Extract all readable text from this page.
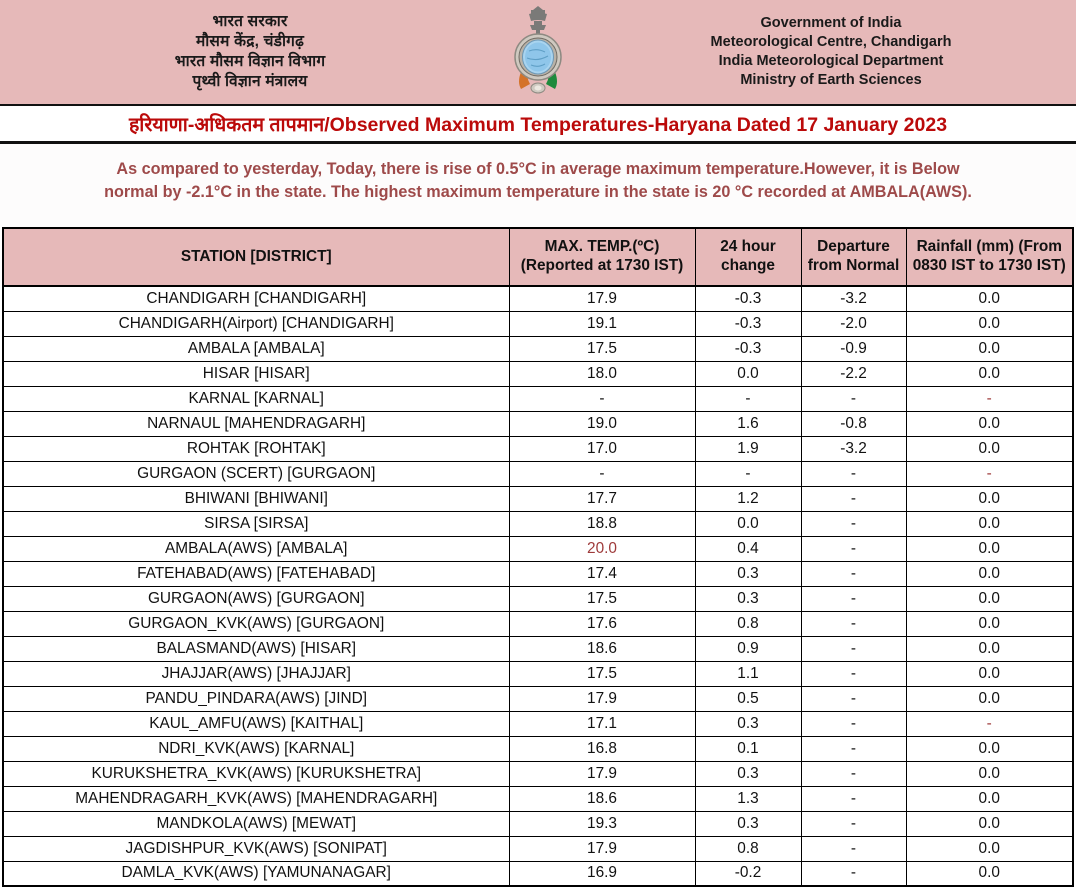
भारत सरकार
मौसम केंद्र, चंडीगढ़
भारत मौसम विज्ञान विभाग
पृथ्वी विज्ञान मंत्रालय
Government of India
Meteorological Centre, Chandigarh
India Meteorological Department
Ministry of Earth Sciences
हरियाणा-अधिकतम तापमान/Observed Maximum Temperatures-Haryana Dated 17 January 2023

As compared to yesterday, Today, there is rise of 0.5°C in average maximum temperature.However, it is Below

normal by -2.1°C in the state. The highest maximum temperature in the state is 20 °C recorded at AMBALA(AWS).

STATION [DISTRICT]	
MAX. TEMP.(ºC)
(Reported at 1730 IST)

24 hour
change

Departure
from Normal

Rainfall (mm) (From
0830 IST to 1730 IST)

CHANDIGARH [CHANDIGARH]	17.9	-0.3	-3.2	0.0
CHANDIGARH(Airport) [CHANDIGARH]	19.1	-0.3	-2.0	0.0
AMBALA [AMBALA]	17.5	-0.3	-0.9	0.0
HISAR [HISAR]	18.0	0.0	-2.2	0.0
KARNAL [KARNAL]	-	-	-	-
NARNAUL [MAHENDRAGARH]	19.0	1.6	-0.8	0.0
ROHTAK [ROHTAK]	17.0	1.9	-3.2	0.0
GURGAON (SCERT) [GURGAON]	-	-	-	-
BHIWANI [BHIWANI]	17.7	1.2	-	0.0
SIRSA [SIRSA]	18.8	0.0	-	0.0
AMBALA(AWS) [AMBALA]	20.0	0.4	-	0.0
FATEHABAD(AWS) [FATEHABAD]	17.4	0.3	-	0.0
GURGAON(AWS) [GURGAON]	17.5	0.3	-	0.0
GURGAON_KVK(AWS) [GURGAON]	17.6	0.8	-	0.0
BALASMAND(AWS) [HISAR]	18.6	0.9	-	0.0
JHAJJAR(AWS) [JHAJJAR]	17.5	1.1	-	0.0
PANDU_PINDARA(AWS) [JIND]	17.9	0.5	-	0.0
KAUL_AMFU(AWS) [KAITHAL]	17.1	0.3	-	-
NDRI_KVK(AWS) [KARNAL]	16.8	0.1	-	0.0
KURUKSHETRA_KVK(AWS) [KURUKSHETRA]	17.9	0.3	-	0.0
MAHENDRAGARH_KVK(AWS) [MAHENDRAGARH]	18.6	1.3	-	0.0
MANDKOLA(AWS) [MEWAT]	19.3	0.3	-	0.0
JAGDISHPUR_KVK(AWS) [SONIPAT]	17.9	0.8	-	0.0
DAMLA_KVK(AWS) [YAMUNANAGAR]	16.9	-0.2	-	0.0
